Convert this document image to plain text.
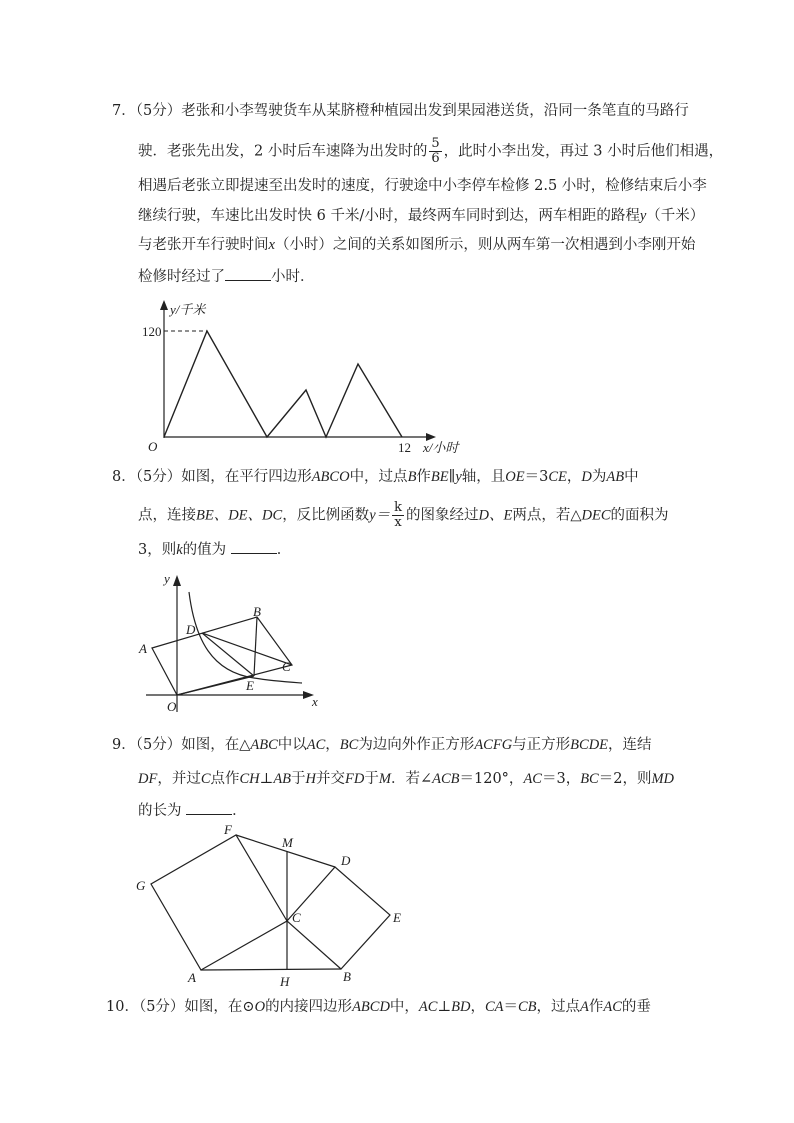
7．（5分）老张和小李驾驶货车从某脐橙种植园出发到果园港送货，沿同一条笔直的马路行
驶．老张先出发，2 小时后车速降为出发时的 $\frac{5}{6}$ ，此时小李出发，再过 3 小时后他们相遇，
相遇后老张立即提速至出发时的速度，行驶途中小李停车检修 2.5 小时，检修结束后小李
继续行驶，车速比出发时快 6 千米/小时，最终两车同时到达，两车相距的路程y（千米）
与老张开车行驶时间x（小时）之间的关系如图所示，则从两车第一次相遇到小李刚开始
检修时经过了	小时．
y/千米
120
O	12 x/小时
8．（5分）如图，在平行四边形ABCO中，过点B作BE∥y轴，且OE＝3CE，D为AB中
点，连接BE、DE、DC，反比例函数$y= \frac{k}{x}$ 的图象经过D、E两点，若△DEC的面积为
3，则k的值为	．
y
x
O
A
B
C
D
E
9．（5分）如图，在△ABC中以AC，BC为边向外作正方形ACFG与正方形BCDE，连结
DF，并过C点作CH⊥AB于H并交FD于M．若∠ACB＝120°，AC＝3，BC＝2，则MD
的长为	．
F
M
D
G
C	E
A	H	B
10．（5分）如图，在⊙O的内接四边形ABCD中，AC⊥BD，CA＝CB，过点A作AC的垂
